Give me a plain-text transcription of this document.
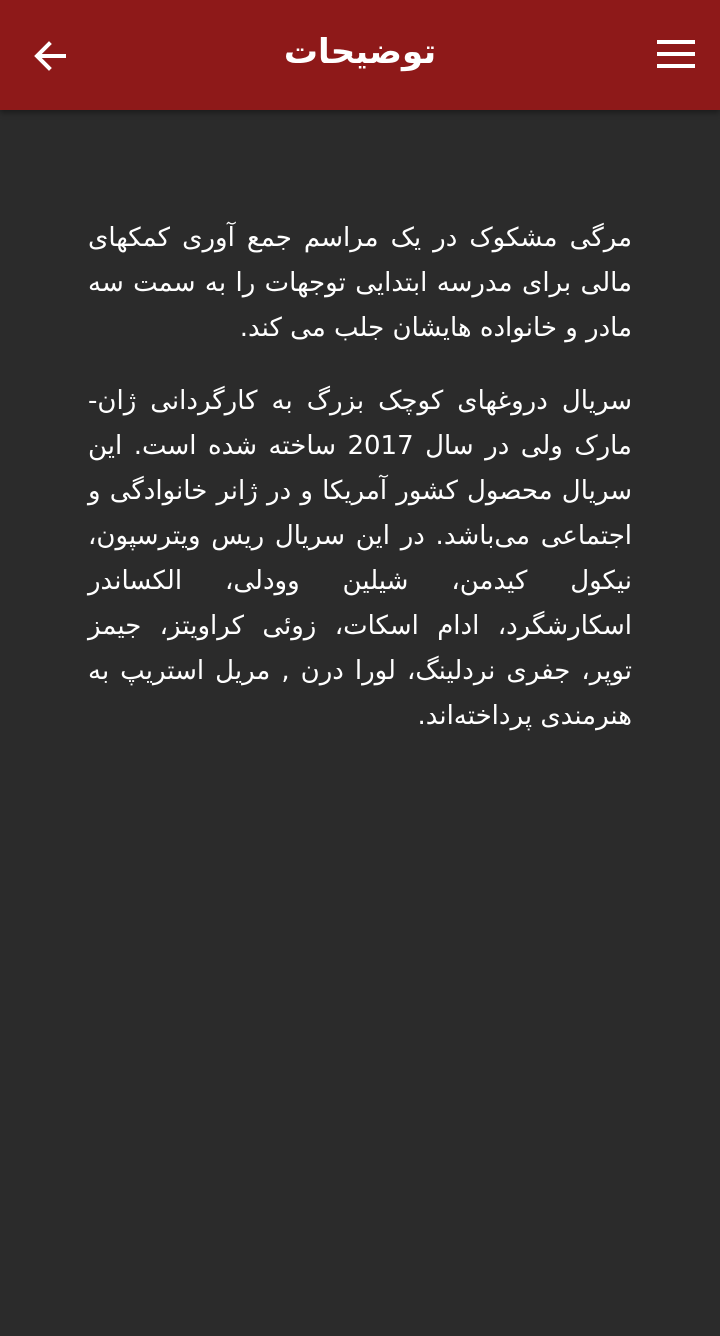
توضیحات

مرگی مشکوک در یک مراسم جمع آوری کمکهای مالی برای مدرسه ابتدایی توجهات را به سمت سه مادر و خانواده هایشان جلب می کند.

سریال دروغهای کوچک بزرگ به کارگردانی ژان-مارک ولی در سال 2017 ساخته شده است. این سریال محصول کشور آمریکا و در ژانر خانوادگی و اجتماعی می‌باشد. در این سریال ریس ویترسپون، نیکول کیدمن، شیلین وودلی، الکساندر اسکارشگرد، ادام اسکات، زوئی کراویتز، جیمز توپر، جفری نردلینگ، لورا درن , مریل استریپ به هنرمندی پرداخته‌اند.
